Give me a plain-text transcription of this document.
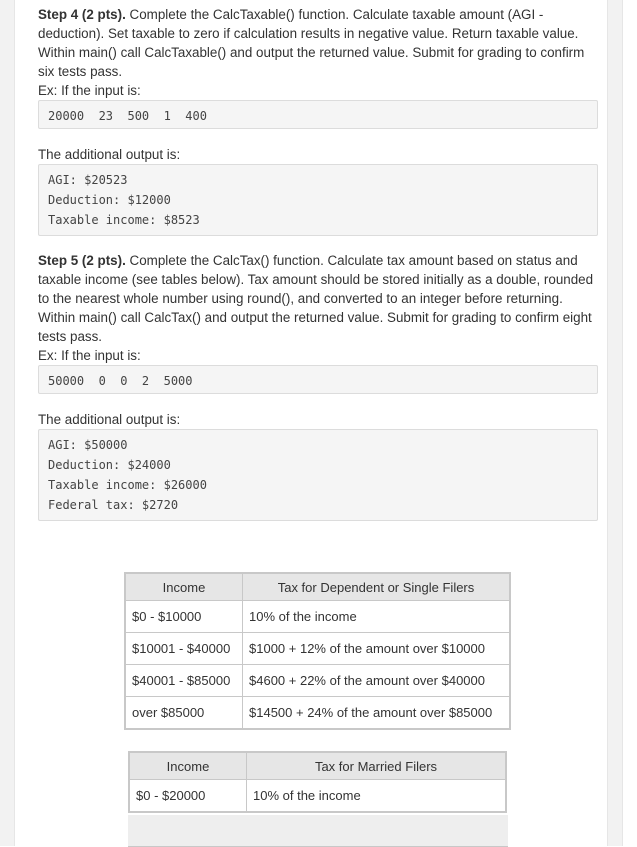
Step 4 (2 pts). Complete the CalcTaxable() function. Calculate taxable amount (AGI - deduction). Set taxable to zero if calculation results in negative value. Return taxable value. Within main() call CalcTaxable() and output the returned value. Submit for grading to confirm six tests pass.
Ex: If the input is:

20000  23  500  1  400

The additional output is:

AGI: $20523
Deduction: $12000
Taxable income: $8523

Step 5 (2 pts). Complete the CalcTax() function. Calculate tax amount based on status and taxable income (see tables below). Tax amount should be stored initially as a double, rounded to the nearest whole number using round(), and converted to an integer before returning. Within main() call CalcTax() and output the returned value. Submit for grading to confirm eight tests pass.
Ex: If the input is:

50000  0  0  2  5000

The additional output is:

AGI: $50000
Deduction: $24000
Taxable income: $26000
Federal tax: $2720
Income	Tax for Dependent or Single Filers
$0 - $10000	10% of the income
$10001 - $40000	$1000 + 12% of the amount over $10000
$40001 - $85000	$4600 + 22% of the amount over $40000
over $85000	$14500 + 24% of the amount over $85000
Income	Tax for Married Filers
$0 - $20000	10% of the income
